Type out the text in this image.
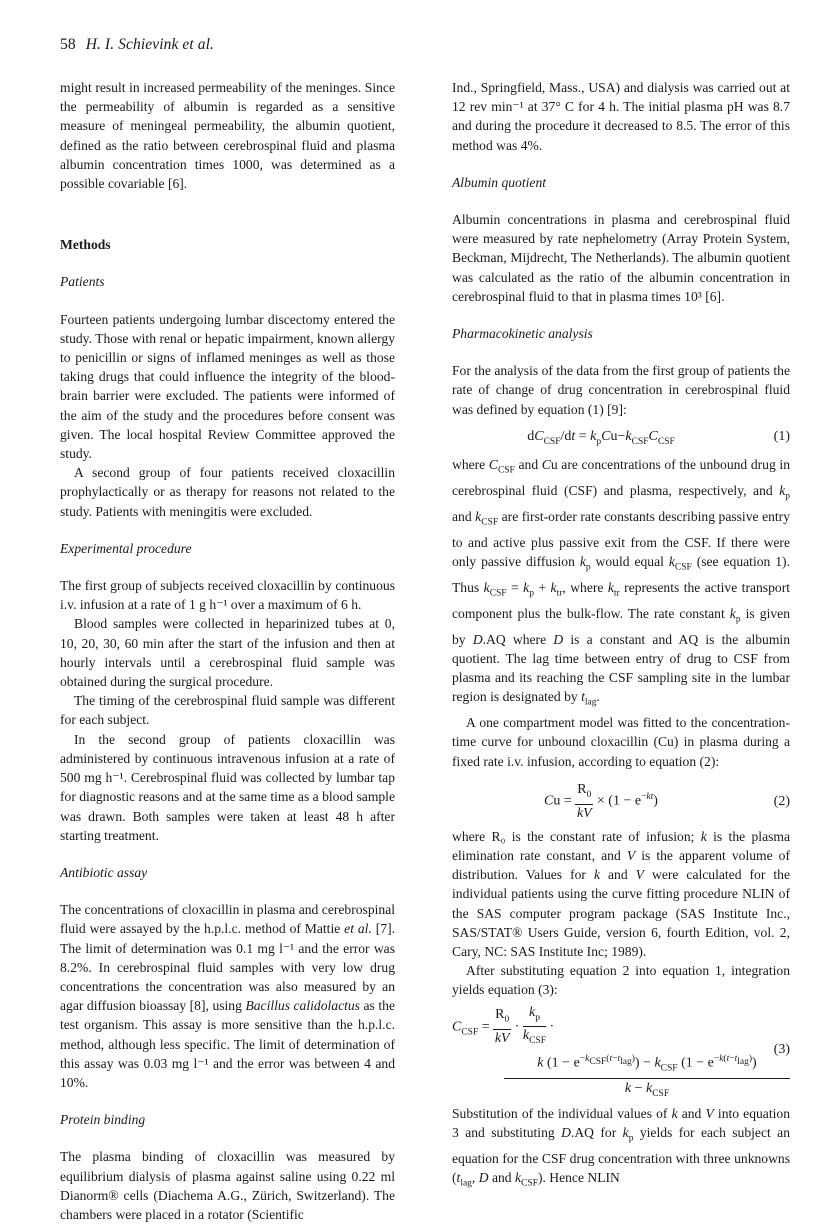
58 H. I. Schievink et al.

might result in increased permeability of the meninges. Since the permeability of albumin is regarded as a sensitive measure of meningeal permeability, the albumin quotient, defined as the ratio between cerebrospinal fluid and plasma albumin concentration times 1000, was determined as a possible covariable [6].

Methods
Patients

Fourteen patients undergoing lumbar discectomy entered the study. Those with renal or hepatic impairment, known allergy to penicillin or signs of inflamed meninges as well as those taking drugs that could influence the integrity of the blood-brain barrier were excluded. The patients were informed of the aim of the study and the procedures before consent was given. The local hospital Review Committee approved the study.

A second group of four patients received cloxacillin prophylactically or as therapy for reasons not related to the study. Patients with meningitis were excluded.

Experimental procedure

The first group of subjects received cloxacillin by continuous i.v. infusion at a rate of 1 g h⁻¹ over a maximum of 6 h.

Blood samples were collected in heparinized tubes at 0, 10, 20, 30, 60 min after the start of the infusion and then at hourly intervals until a cerebrospinal fluid sample was obtained during the surgical procedure.

The timing of the cerebrospinal fluid sample was different for each subject.

In the second group of patients cloxacillin was administered by continuous intravenous infusion at a rate of 500 mg h⁻¹. Cerebrospinal fluid was collected by lumbar tap for diagnostic reasons and at the same time as a blood sample was drawn. Both samples were taken at least 48 h after starting treatment.

Antibiotic assay

The concentrations of cloxacillin in plasma and cerebrospinal fluid were assayed by the h.p.l.c. method of Mattie et al. [7]. The limit of determination was 0.1 mg l⁻¹ and the error was 8.2%. In cerebrospinal fluid samples with very low drug concentrations the concentration was also measured by an agar diffusion bioassay [8], using Bacillus calidolactus as the test organism. This assay is more sensitive than the h.p.l.c. method, although less specific. The limit of determination of this assay was 0.03 mg l⁻¹ and the error was between 4 and 10%.

Protein binding

The plasma binding of cloxacillin was measured by equilibrium dialysis of plasma against saline using 0.22 ml Dianorm® cells (Diachema A.G., Zürich, Switzerland). The chambers were placed in a rotator (Scientific

Ind., Springfield, Mass., USA) and dialysis was carried out at 12 rev min⁻¹ at 37° C for 4 h. The initial plasma pH was 8.7 and during the procedure it decreased to 8.5. The error of this method was 4%.

Albumin quotient

Albumin concentrations in plasma and cerebrospinal fluid were measured by rate nephelometry (Array Protein System, Beckman, Mijdrecht, The Netherlands). The albumin quotient was calculated as the ratio of the albumin concentration in cerebrospinal fluid to that in plasma times 10³ [6].

Pharmacokinetic analysis

For the analysis of the data from the first group of patients the rate of change of drug concentration in cerebrospinal fluid was defined by equation (1) [9]:

$dC_{CSF}/dt = k_pCu-k_{CSF}C_{CSF}$	(1)

where $C_{CSF}$ and Cu are concentrations of the unbound drug in cerebrospinal fluid (CSF) and plasma, respectively, and $k_p$ and $k_{CSF}$ are first-order rate constants describing passive entry to and active plus passive exit from the CSF. If there were only passive diffusion $k_p$ would equal $k_{CSF}$ (see equation 1). Thus $k_{CSF} = k_p + k_{tr}$, where $k_{tr}$ represents the active transport component plus the bulk-flow. The rate constant $k_p$ is given by D.AQ where D is a constant and AQ is the albumin quotient. The lag time between entry of drug to CSF from plasma and its reaching the CSF sampling site in the lumbar region is designated by $t_{lag}$.

A one compartment model was fitted to the concentration-time curve for unbound cloxacillin (Cu) in plasma during a fixed rate i.v. infusion, according to equation (2):

$Cu = \frac{R_0}{kV} \times (1 - e^{-kt})$	(2)

where R₀ is the constant rate of infusion; k is the plasma elimination rate constant, and V is the apparent volume of distribution. Values for k and V were calculated for the individual patients using the curve fitting procedure NLIN of the SAS computer program package (SAS Institute Inc., SAS/STAT® Users Guide, version 6, fourth Edition, vol. 2, Cary, NC: SAS Institute Inc; 1989).

After substituting equation 2 into equation 1, integration yields equation (3):

$C_{CSF} = \frac{R_0}{kV} \cdot \frac{k_p}{k_{CSF}}$ ·
k $(1 - e^{-k_{CSF}(t-t_{lag})}) - k_{CSF}$ $(1 - e^{-k(t-t_{lag})})$
$k - k_{CSF}$
(3)

Substitution of the individual values of k and V into equation 3 and substituting D.AQ for $k_p$ yields for each subject an equation for the CSF drug concentration with three unknowns ($t_{lag}$, D and $k_{CSF}$). Hence NLIN
